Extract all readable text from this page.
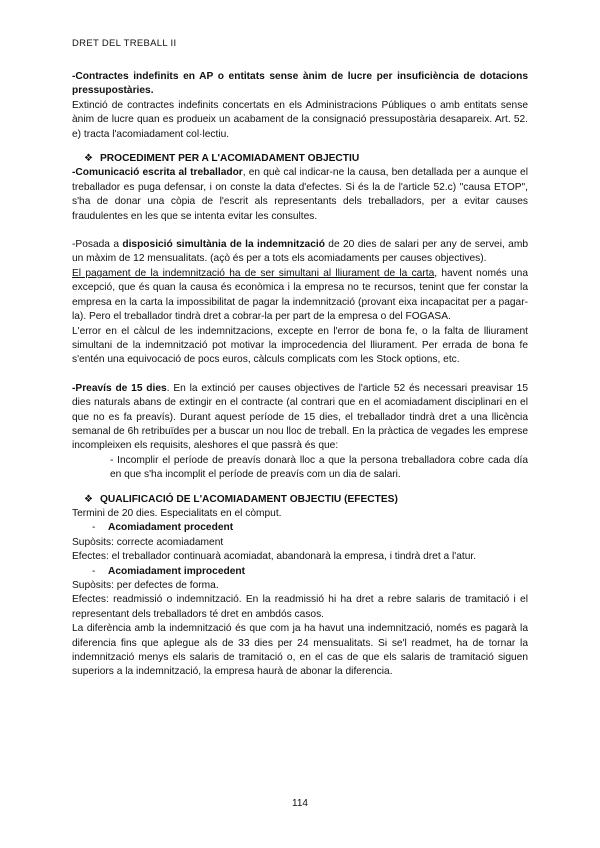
DRET DEL TREBALL II

-Contractes indefinits en AP o entitats sense ànim de lucre per insuficiència de dotacions pressupostàries.

Extinció de contractes indefinits concertats en els Administracions Públiques o amb entitats sense ànim de lucre quan es produeix un acabament de la consignació pressupostària desapareix. Art. 52. e) tracta l'acomiadament col·lectiu.

❖ PROCEDIMENT PER A L'ACOMIADAMENT OBJECTIU

-Comunicació escrita al treballador, en què cal indicar-ne la causa, ben detallada per a aunque el treballador es puga defensar, i on conste la data d'efectes. Si és la de l'article 52.c) "causa ETOP", s'ha de donar una còpia de l'escrit als representants dels treballadors, per a evitar causes fraudulentes en les que se intenta evitar les consultes.

-Posada a disposició simultània de la indemnització de 20 dies de salari per any de servei, amb un màxim de 12 mensualitats. (açò és per a tots els acomiadaments per causes objectives).

El pagament de la indemnització ha de ser simultani al lliurament de la carta, havent només una excepció, que és quan la causa és econòmica i la empresa no te recursos, tenint que fer constar la empresa en la carta la impossibilitat de pagar la indemnització (provant eixa incapacitat per a pagar-la). Pero el treballador tindrà dret a cobrar-la per part de la empresa o del FOGASA.

L'error en el càlcul de les indemnitzacions, excepte en l'error de bona fe, o la falta de lliurament simultani de la indemnització pot motivar la improcedencia del lliurament. Per errada de bona fe s'entén una equivocació de pocs euros, càlculs complicats com les Stock options, etc.

-Preavís de 15 dies. En la extinció per causes objectives de l'article 52 és necessari preavisar 15 dies naturals abans de extingir en el contracte (al contrari que en el acomiadament disciplinari en el que no es fa preavís). Durant aquest període de 15 dies, el treballador tindrà dret a una llicència semanal de 6h retribuïdes per a buscar un nou lloc de treball. En la pràctica de vegades les emprese incompleixen els requisits, aleshores el que passrà és que:

- Incomplir el període de preavís donarà lloc a que la persona treballadora cobre cada día en que s'ha incomplit el període de preavís com un dia de salari.

❖ QUALIFICACIÓ DE L'ACOMIADAMENT OBJECTIU (EFECTES)

Termini de 20 dies. Especialitats en el còmput.

- Acomiadament procedent

Supòsits: correcte acomiadament

Efectes: el treballador continuarà acomiadat, abandonarà la empresa, i tindrà dret a l'atur.

- Acomiadament improcedent

Supòsits: per defectes de forma.

Efectes: readmissió o indemnització. En la readmissió hi ha dret a rebre salaris de tramitació i el representant dels treballadors té dret en ambdós casos.

La diferència amb la indemnització és que com ja ha havut una indemnització, només es pagarà la diferencia fins que aplegue als de 33 dies per 24 mensualitats. Si se'l readmet, ha de tornar la indemnització menys els salaris de tramitació o, en el cas de que els salaris de tramitació siguen superiors a la indemnització, la empresa haurà de abonar la diferencia.

114
